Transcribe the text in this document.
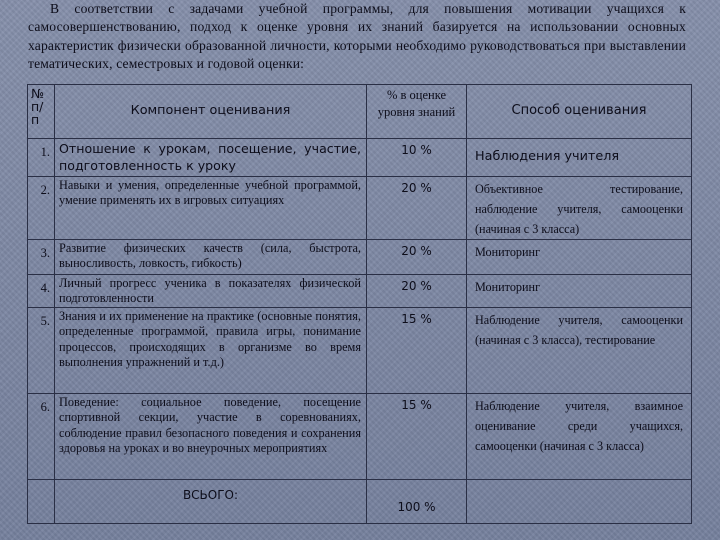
В соответствии с задачами учебной программы, для повышения мотивации учащихся к самосовершенствованию, подход к оценке уровня их знаний базируется на использовании основных характеристик физически образованной личности, которыми необходимо руководствоваться при выставлении тематических, семестровых и годовой оценки:
№ п/ п	Компонент оценивания	% в оценке уровня знаний	Способ оценивания
1.	Отношение к урокам, посещение, участие, подготовленность к уроку	10 %	Наблюдения учителя
2.	Навыки и умения, определенные учебной программой, умение применять их в игровых ситуациях	20 %	Объективное тестирование, наблюдение учителя, самооценки (начиная с 3 класса)
3.	Развитие физических качеств (сила, быстрота, выносливость, ловкость, гибкость)	20 %	Мониторинг
4.	Личный прогресс ученика в показателях физической подготовленности	20 %	Мониторинг
5.	Знания и их применение на практике (основные понятия, определенные программой, правила игры, понимание процессов, происходящих в организме во время выполнения упражнений и т.д.)	15 %	Наблюдение учителя, самооценки (начиная с 3 класса), тестирование
6.	Поведение: социальное поведение, посещение спортивной секции, участие в соревнованиях, соблюдение правил безопасного поведения и сохранения здоровья на уроках и во внеурочных мероприятиях	15 %	Наблюдение учителя, взаимное оценивание среди учащихся, самооценки (начиная с 3 класса)
	ВСЬОГО:	100 %	
